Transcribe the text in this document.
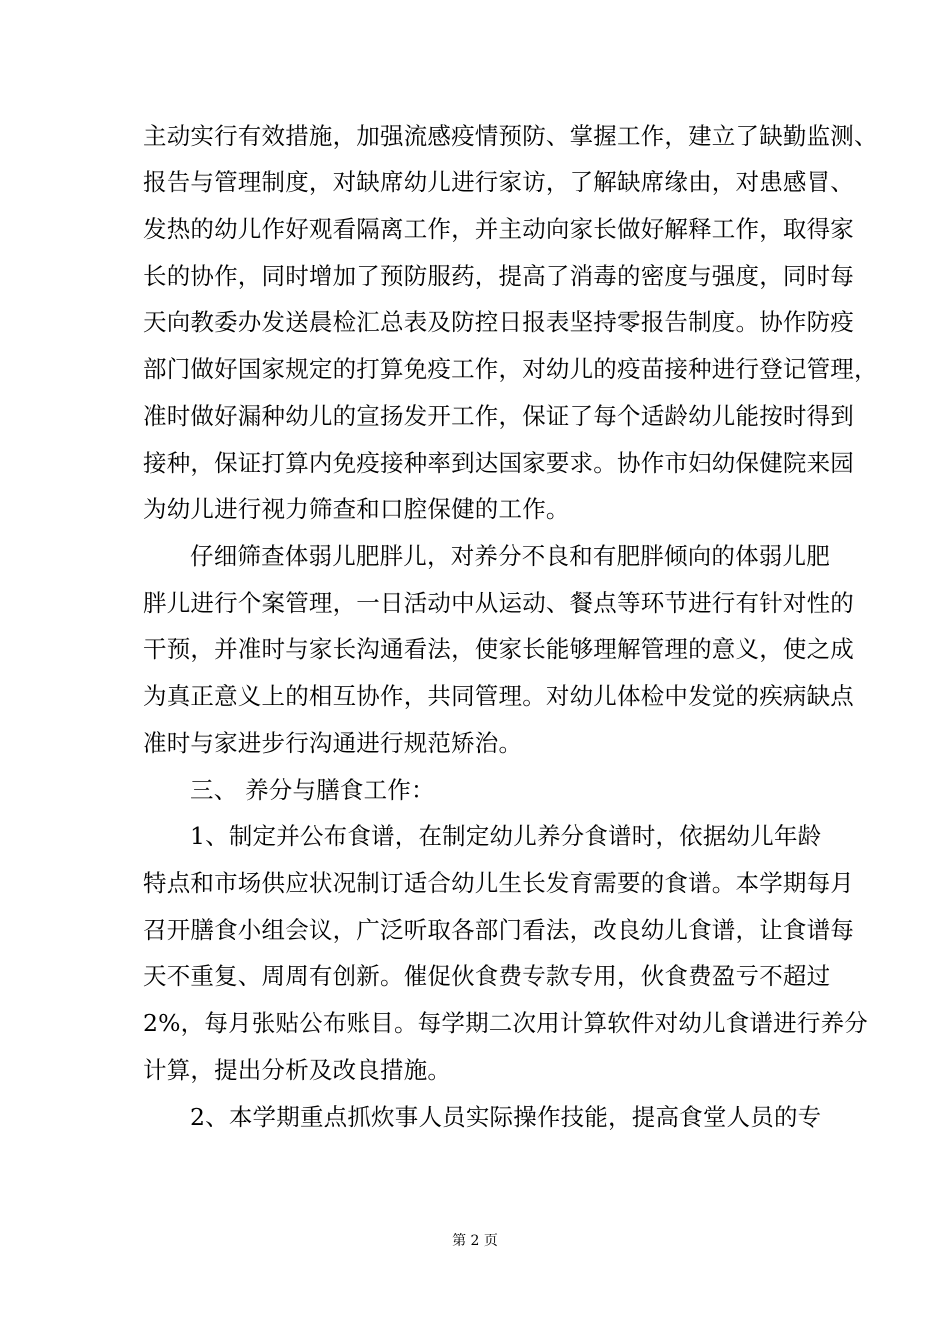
主动实行有效措施，加强流感疫情预防、掌握工作，建立了缺勤监测、
报告与管理制度，对缺席幼儿进行家访，了解缺席缘由，对患感冒、
发热的幼儿作好观看隔离工作，并主动向家长做好解释工作，取得家
长的协作，同时增加了预防服药，提高了消毒的密度与强度，同时每
天向教委办发送晨检汇总表及防控日报表坚持零报告制度。协作防疫
部门做好国家规定的打算免疫工作，对幼儿的疫苗接种进行登记管理，
准时做好漏种幼儿的宣扬发开工作，保证了每个适龄幼儿能按时得到
接种，保证打算内免疫接种率到达国家要求。协作市妇幼保健院来园
为幼儿进行视力筛查和口腔保健的工作。
仔细筛查体弱儿肥胖儿，对养分不良和有肥胖倾向的体弱儿肥
胖儿进行个案管理，一日活动中从运动、餐点等环节进行有针对性的
干预，并准时与家长沟通看法，使家长能够理解管理的意义，使之成
为真正意义上的相互协作，共同管理。对幼儿体检中发觉的疾病缺点
准时与家进步行沟通进行规范矫治。
三、 养分与膳食工作：
1、制定并公布食谱，在制定幼儿养分食谱时，依据幼儿年龄
特点和市场供应状况制订适合幼儿生长发育需要的食谱。本学期每月
召开膳食小组会议，广泛听取各部门看法，改良幼儿食谱，让食谱每
天不重复、周周有创新。催促伙食费专款专用，伙食费盈亏不超过
2%，每月张贴公布账目。每学期二次用计算软件对幼儿食谱进行养分
计算，提出分析及改良措施。
2、本学期重点抓炊事人员实际操作技能，提高食堂人员的专
第 2 页
